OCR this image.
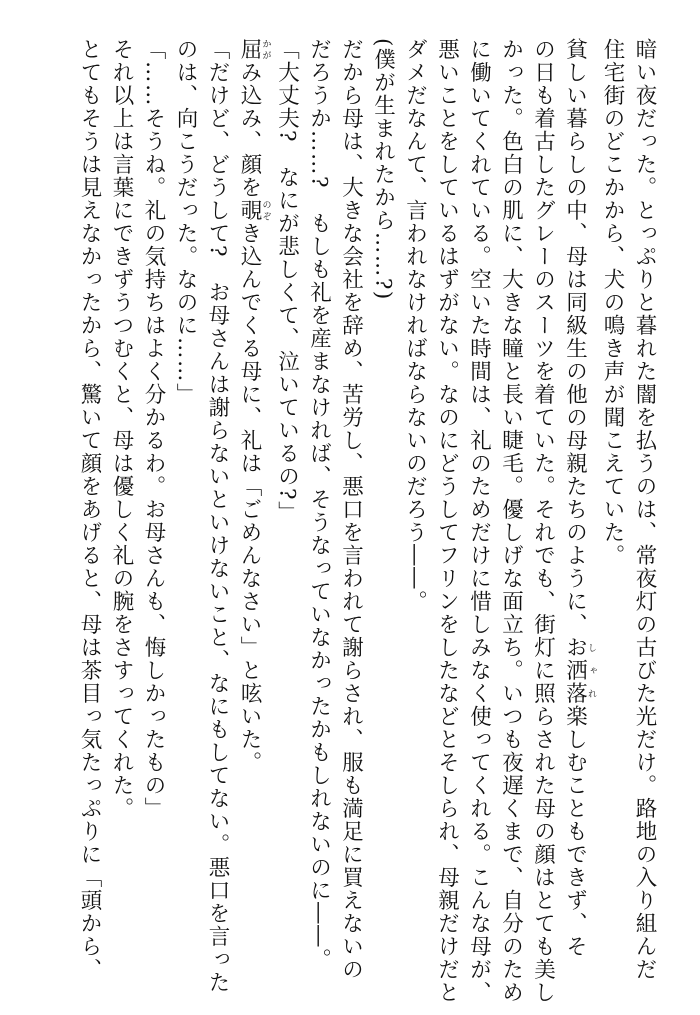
暗い夜だった。とっぷりと暮れた闇を払うのは、常夜灯の古びた光だけ。路地の入り組んだ
住宅街のどこかから、犬の鳴き声が聞こえていた。
貧しい暮らしの中、母は同級生の他の母親たちのように、お洒落しゃれ楽しむこともできず、そ
の日も着古したグレーのスーツを着ていた。それでも、街灯に照らされた母の顔はとても美し
かった。色白の肌に、大きな瞳と長い睫毛。優しげな面立ち。いつも夜遅くまで、自分のため
に働いてくれている。空いた時間は、礼のためだけに惜しみなく使ってくれる。こんな母が、
悪いことをしているはずがない。なのにどうしてフリンをしたなどとそしられ、母親だけだと
ダメだなんて、言われなければならないのだろう――。
(僕が生まれたから……?)
だから母は、大きな会社を辞め、苦労し、悪口を言われて謝らされ、服も満足に買えないの
だろうか……?　もしも礼を産まなければ、そうなっていなかったかもしれないのに――。
「大丈夫?　なにが悲しくて、泣いているの?」
屈かがみ込み、顔を覗のぞき込んでくる母に、礼は「ごめんなさい」と呟いた。
「だけど、どうして?　お母さんは謝らないといけないこと、なにもしてない。悪口を言った
のは、向こうだった。なのに……」
「……そうね。礼の気持ちはよく分かるわ。お母さんも、悔しかったもの」
それ以上は言葉にできずうつむくと、母は優しく礼の腕をさすってくれた。
とてもそうは見えなかったから、驚いて顔をあげると、母は茶目っ気たっぷりに「頭から、
